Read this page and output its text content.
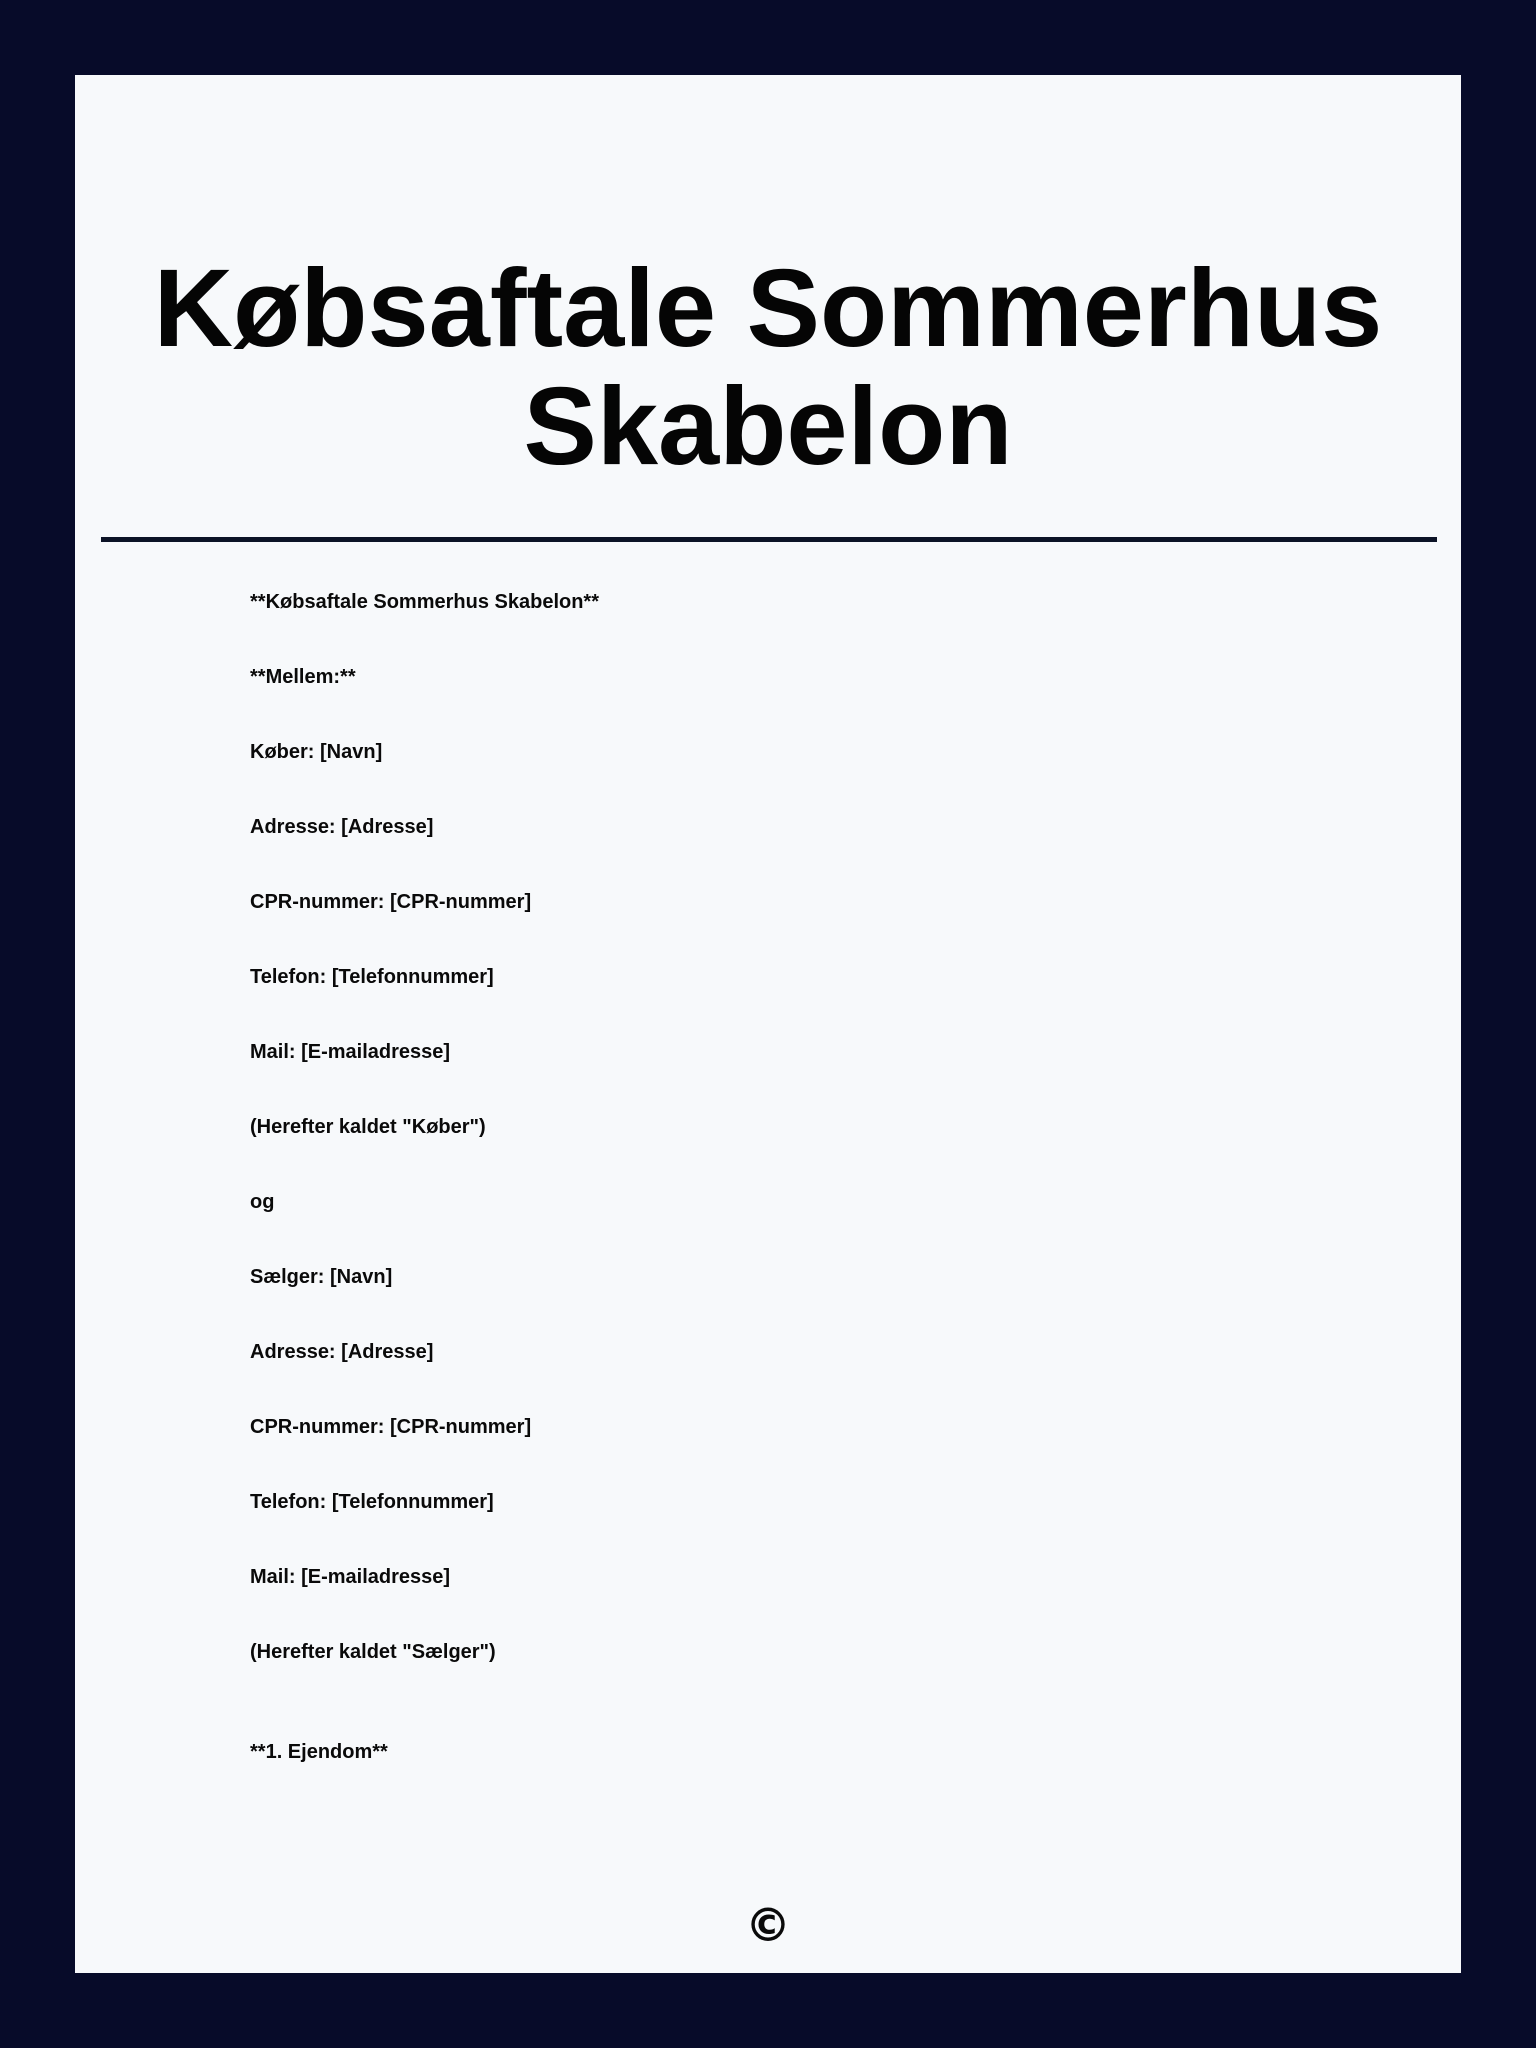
Købsaftale Sommerhus Skabelon
**Købsaftale Sommerhus Skabelon**
**Mellem:**
Køber: [Navn]
Adresse: [Adresse]
CPR-nummer: [CPR-nummer]
Telefon: [Telefonnummer]
Mail: [E-mailadresse]
(Herefter kaldet "Køber")
og
Sælger: [Navn]
Adresse: [Adresse]
CPR-nummer: [CPR-nummer]
Telefon: [Telefonnummer]
Mail: [E-mailadresse]
(Herefter kaldet "Sælger")
**1. Ejendom**
©
